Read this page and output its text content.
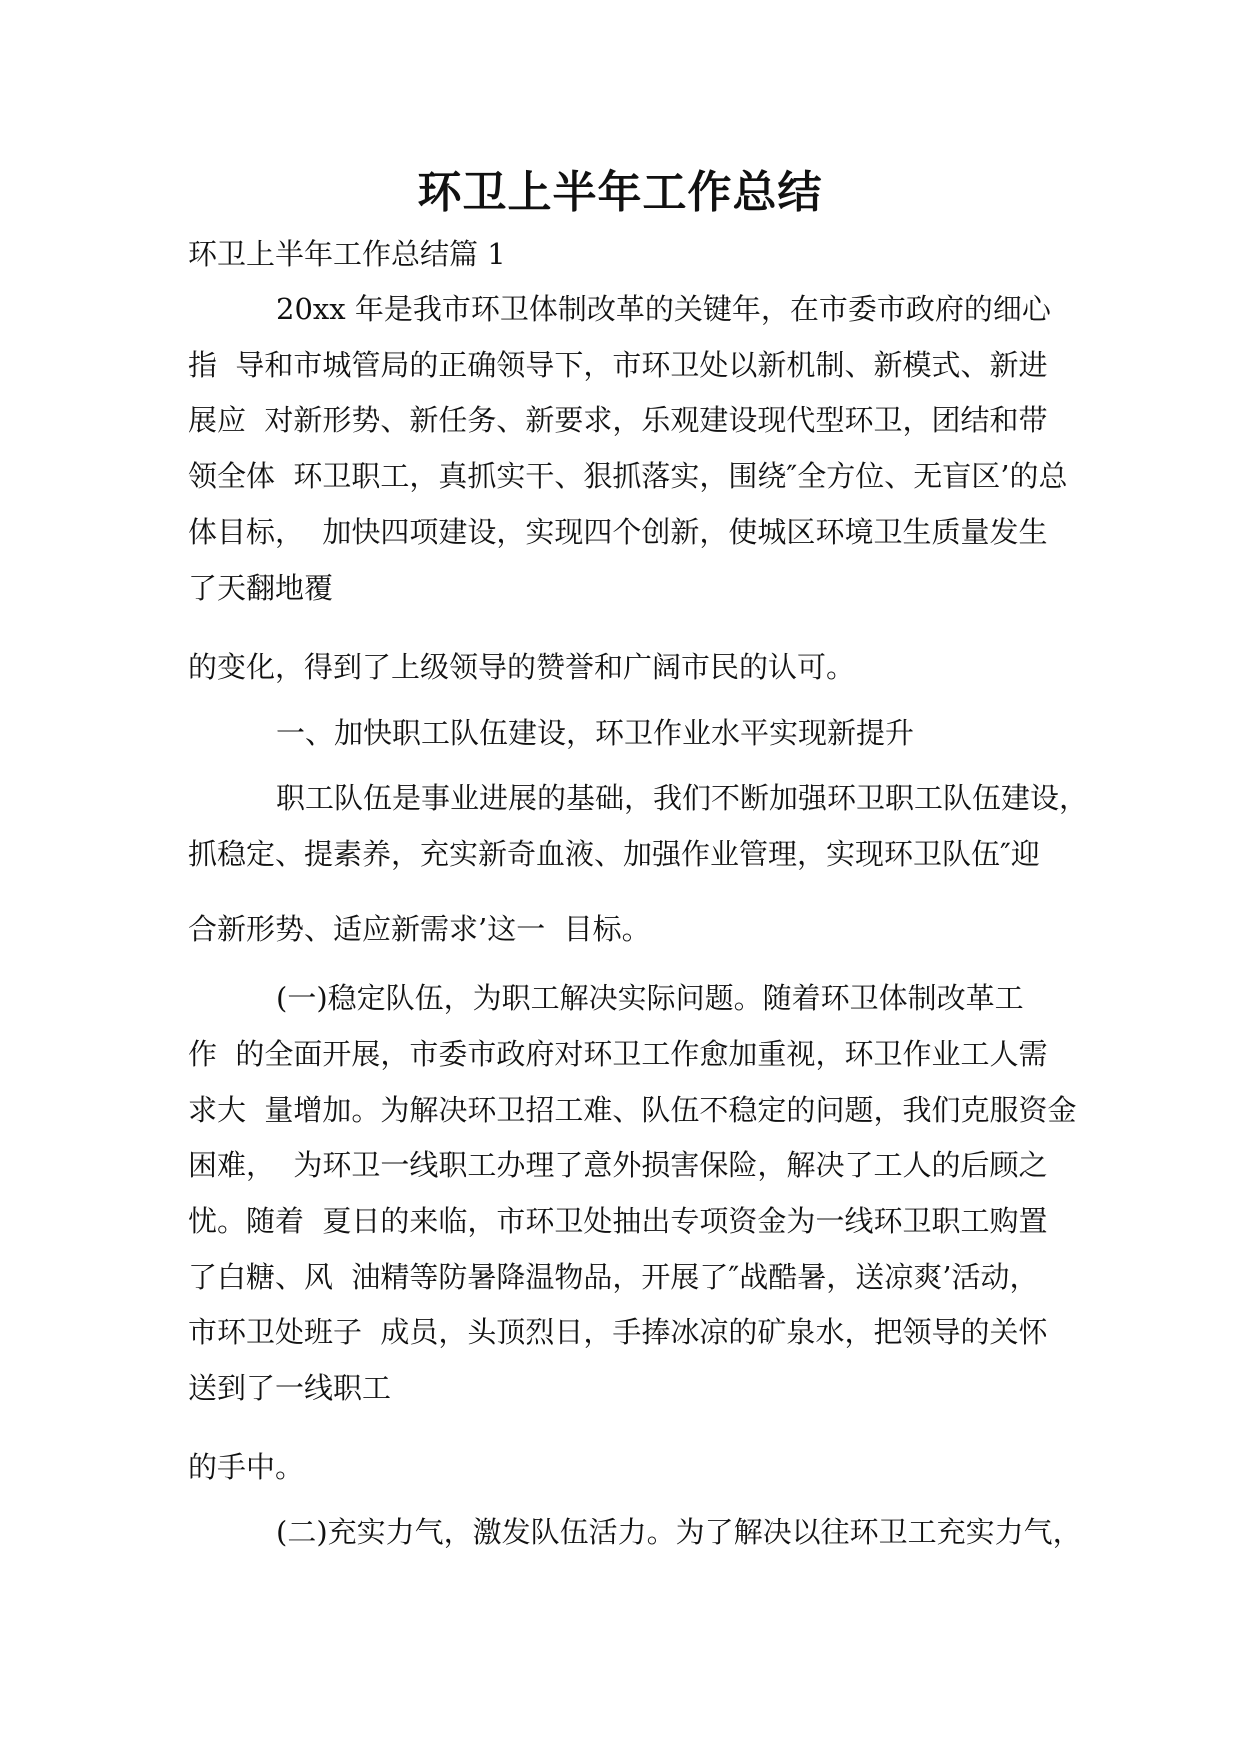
环卫上半年工作总结
环卫上半年工作总结篇 1
20xx 年是我市环卫体制改革的关键年，在市委市政府的细心
指  导和市城管局的正确领导下，市环卫处以新机制、新模式、新进
展应  对新形势、新任务、新要求，乐观建设现代型环卫，团结和带
领全体  环卫职工，真抓实干、狠抓落实，围绕″全方位、无盲区’的总
体目标，  加快四项建设，实现四个创新，使城区环境卫生质量发生
了天翻地覆
的变化，得到了上级领导的赞誉和广阔市民的认可。
一、加快职工队伍建设，环卫作业水平实现新提升
职工队伍是事业进展的基础，我们不断加强环卫职工队伍建设，
抓稳定、提素养，充实新奇血液、加强作业管理，实现环卫队伍″迎
合新形势、适应新需求’这一  目标。
(一)稳定队伍，为职工解决实际问题。随着环卫体制改革工
作  的全面开展，市委市政府对环卫工作愈加重视，环卫作业工人需
求大  量增加。为解决环卫招工难、队伍不稳定的问题，我们克服资金
困难，  为环卫一线职工办理了意外损害保险，解决了工人的后顾之
忧。随着  夏日的来临，市环卫处抽出专项资金为一线环卫职工购置
了白糖、风  油精等防暑降温物品，开展了″战酷暑，送凉爽’活动，
市环卫处班子  成员，头顶烈日，手捧冰凉的矿泉水，把领导的关怀
送到了一线职工
的手中。
(二)充实力气，激发队伍活力。为了解决以往环卫工充实力气，
